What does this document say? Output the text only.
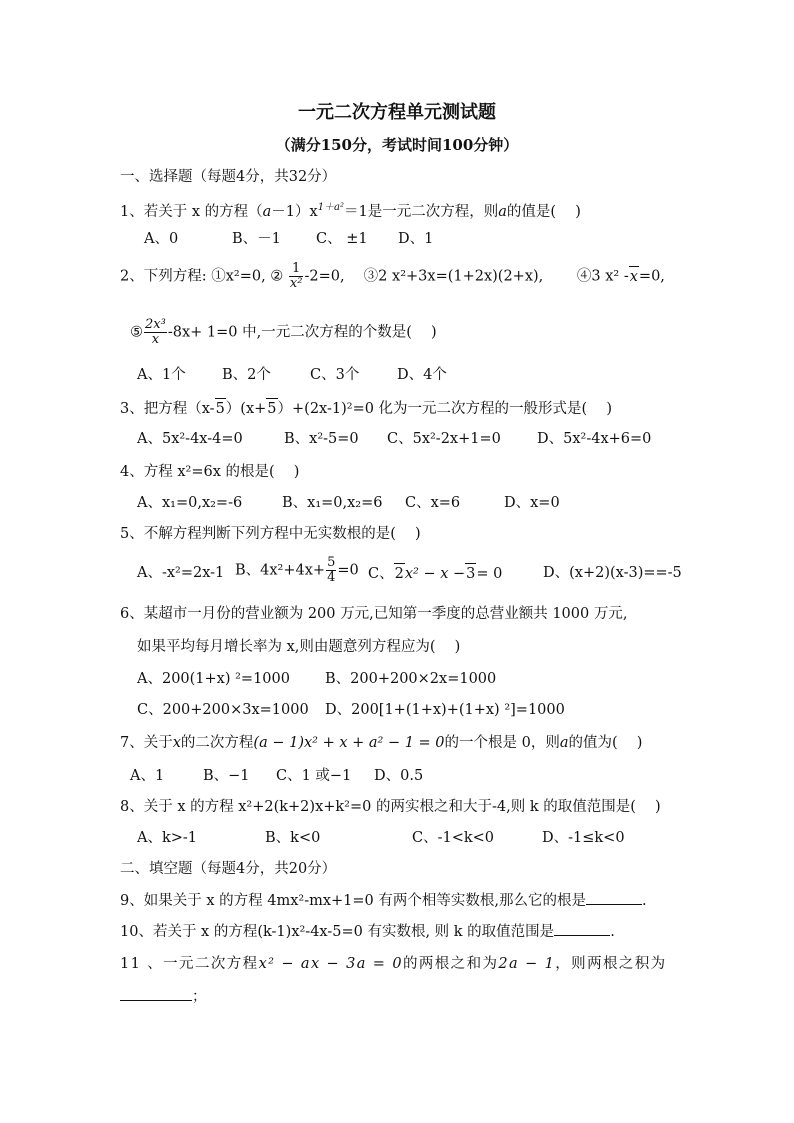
一元二次方程单元测试题
（满分150分，考试时间100分钟）
一、选择题（每题4分，共32分）
1、若关于 x 的方程$(a-1)x^{1+a^2}=1$是一元二次方程，则a的值是(　 )
A、0	B、－1 C、 ±1 D、1
2、下列方程: ①x²=0, ② $\frac{1}{\text{x²}} -2=0$, 　③2 x²+3x=(1+2x)(2+x), 　　④3 x² -x=0,
⑤ $\frac{\text{2x³}}{x} -8x+ 1=0$ 中,一元二次方程的个数是(　 )
A、1个	B、2个	C、3个	D、4个
3、把方程（x-5）(x+5）+(2x-1)²=0 化为一元二次方程的一般形式是(　 )
A、5x²-4x-4=0	B、x²-5=0 C、5x²-2x+1=0 D、5x²-4x+6=0
4、方程 x²=6x 的根是(　 )
A、x₁=0,x₂=-6	B、x₁=0,x₂=6 C、x=6	D、x=0
5、不解方程判断下列方程中无实数根的是(　 )
A、-x²=2x-1 B、$4x^2+4x+ \frac{5}{4} =0$ C、2x² − x −3= 0	D、(x+2)(x-3)==-5
6、某超市一月份的营业额为 200 万元,已知第一季度的总营业额共 1000 万元,
如果平均每月增长率为 x,则由题意列方程应为(　 )
A、200(1+x) ²=1000 B、200+200×2x=1000
C、200+200×3x=1000 D、200[1+(1+x)+(1+x) ²]=1000
7、关于x的二次方程(a − 1)x² + x + a² − 1 = 0的一个根是 0，则a的值为(　 )
A、1	B、−1 C、1 或−1 D、0.5
8、关于 x 的方程 x²+2(k+2)x+k²=0 的两实根之和大于-4,则 k 的取值范围是(　 )
A、k>-1	B、k<0	C、-1<k<0	D、-1≤k<0
二、填空题（每题4分，共20分）
9、如果关于 x 的方程 4mx²-mx+1=0 有两个相等实数根,那么它的根是	.
10、若关于 x 的方程(k-1)x²-4x-5=0 有实数根, 则 k 的取值范围是	.
11 、一元二次方程x² − ax − 3a = 0的两根之和为2a − 1，则两根之积为
；
